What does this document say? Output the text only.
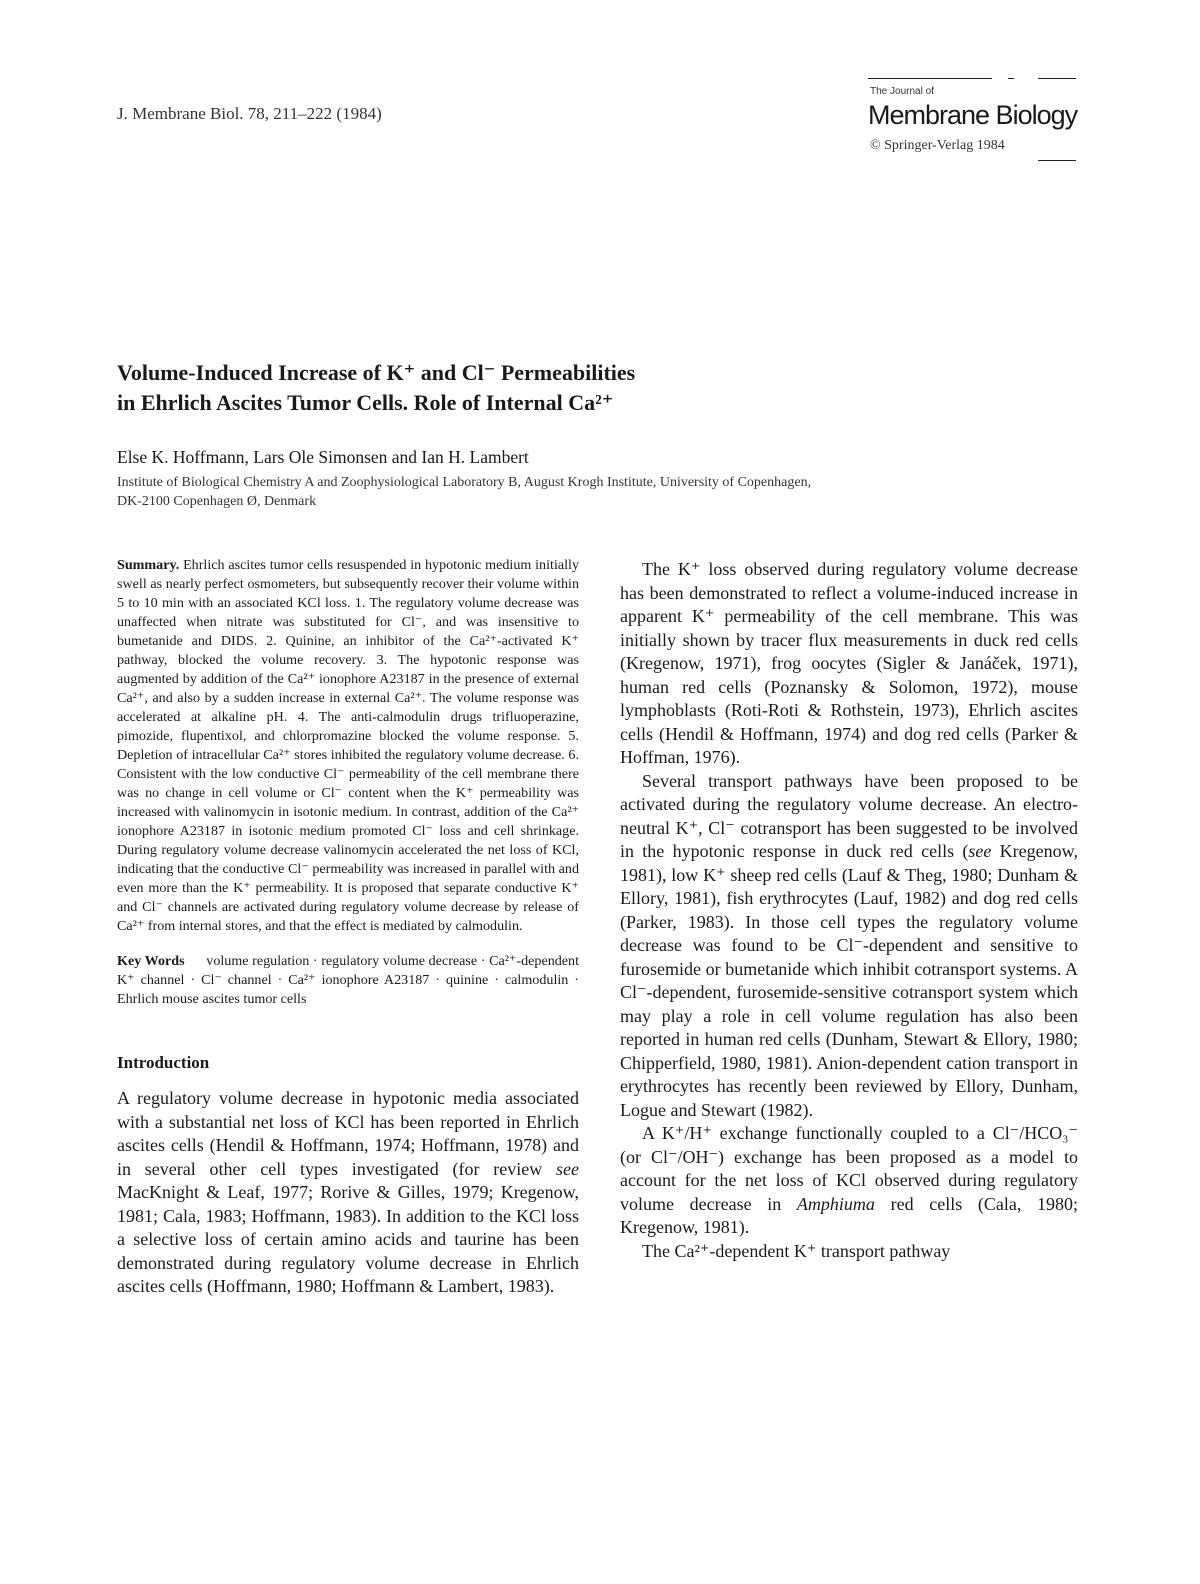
J. Membrane Biol. 78, 211–222 (1984)
The Journal of
Membrane Biology
© Springer-Verlag 1984
Volume-Induced Increase of K⁺ and Cl⁻ Permeabilities
in Ehrlich Ascites Tumor Cells. Role of Internal Ca²⁺
Else K. Hoffmann, Lars Ole Simonsen and Ian H. Lambert
Institute of Biological Chemistry A and Zoophysiological Laboratory B, August Krogh Institute, University of Copenhagen,
DK-2100 Copenhagen Ø, Denmark

Summary. Ehrlich ascites tumor cells resuspended in hypotonic medium initially swell as nearly perfect osmometers, but subsequently recover their volume within 5 to 10 min with an associated KCl loss. 1. The regulatory volume decrease was unaffected when nitrate was substituted for Cl⁻, and was insensitive to bumetanide and DIDS. 2. Quinine, an inhibitor of the Ca²⁺-activated K⁺ pathway, blocked the volume recovery. 3. The hypotonic response was augmented by addition of the Ca²⁺ ionophore A23187 in the presence of external Ca²⁺, and also by a sudden increase in external Ca²⁺. The volume response was accelerated at alkaline pH. 4. The anti-calmodulin drugs trifluoperazine, pimozide, flupentixol, and chlorpromazine blocked the volume response. 5. Depletion of intracellular Ca²⁺ stores inhibited the regulatory volume decrease. 6. Consistent with the low conductive Cl⁻ permeability of the cell membrane there was no change in cell volume or Cl⁻ content when the K⁺ permeability was increased with valinomycin in isotonic medium. In contrast, addition of the Ca²⁺ ionophore A23187 in isotonic medium promoted Cl⁻ loss and cell shrinkage. During regulatory volume decrease valinomycin accelerated the net loss of KCl, indicating that the conductive Cl⁻ permeability was increased in parallel with and even more than the K⁺ permeability. It is proposed that separate conductive K⁺ and Cl⁻ channels are activated during regulatory volume decrease by release of Ca²⁺ from internal stores, and that the effect is mediated by calmodulin.

Key Words volume regulation · regulatory volume decrease · Ca²⁺-dependent K⁺ channel · Cl⁻ channel · Ca²⁺ ionophore A23187 · quinine · calmodulin · Ehrlich mouse ascites tumor cells

Introduction

A regulatory volume decrease in hypotonic media associated with a substantial net loss of KCl has been reported in Ehrlich ascites cells (Hendil & Hoffmann, 1974; Hoffmann, 1978) and in several other cell types investigated (for review see MacKnight & Leaf, 1977; Rorive & Gilles, 1979; Kregenow, 1981; Cala, 1983; Hoffmann, 1983). In addition to the KCl loss a selective loss of certain amino acids and taurine has been demonstrated during regulatory volume decrease in Ehrlich ascites cells (Hoffmann, 1980; Hoffmann & Lambert, 1983).

The K⁺ loss observed during regulatory volume decrease has been demonstrated to reflect a volume-induced increase in apparent K⁺ permeability of the cell membrane. This was initially shown by tracer flux measurements in duck red cells (Kregenow, 1971), frog oocytes (Sigler & Janáček, 1971), human red cells (Poznansky & Solomon, 1972), mouse lymphoblasts (Roti-Roti & Rothstein, 1973), Ehrlich ascites cells (Hendil & Hoffmann, 1974) and dog red cells (Parker & Hoffman, 1976).

Several transport pathways have been proposed to be activated during the regulatory volume decrease. An electro-neutral K⁺, Cl⁻ cotransport has been suggested to be involved in the hypotonic response in duck red cells (see Kregenow, 1981), low K⁺ sheep red cells (Lauf & Theg, 1980; Dunham & Ellory, 1981), fish erythrocytes (Lauf, 1982) and dog red cells (Parker, 1983). In those cell types the regulatory volume decrease was found to be Cl⁻-dependent and sensitive to furosemide or bumetanide which inhibit cotransport systems. A Cl⁻-dependent, furosemide-sensitive cotransport system which may play a role in cell volume regulation has also been reported in human red cells (Dunham, Stewart & Ellory, 1980; Chipperfield, 1980, 1981). Anion-dependent cation transport in erythrocytes has recently been reviewed by Ellory, Dunham, Logue and Stewart (1982).

A K⁺/H⁺ exchange functionally coupled to a Cl⁻/HCO₃⁻ (or Cl⁻/OH⁻) exchange has been proposed as a model to account for the net loss of KCl observed during regulatory volume decrease in Amphiuma red cells (Cala, 1980; Kregenow, 1981).

The Ca²⁺-dependent K⁺ transport pathway
